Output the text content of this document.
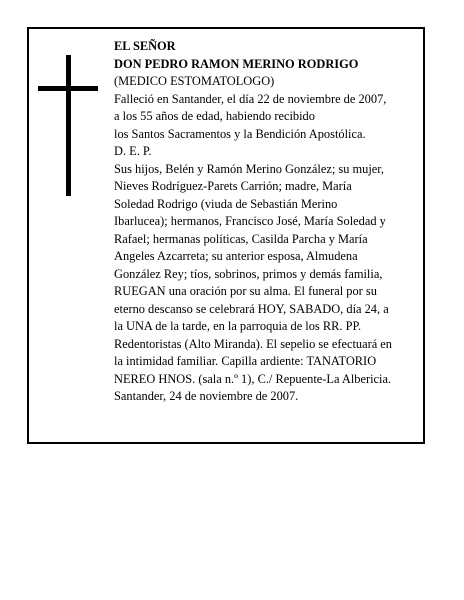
EL SEÑOR
DON PEDRO RAMON MERINO RODRIGO
(MEDICO ESTOMATOLOGO)
Falleció en Santander, el día 22 de noviembre de 2007,
a los 55 años de edad, habiendo recibido
los Santos Sacramentos y la Bendición Apostólica.
D. E. P.
Sus hijos, Belén y Ramón Merino González; su mujer,
Nieves Rodríguez-Parets Carrión; madre, María
Soledad Rodrigo (viuda de Sebastián Merino
Ibarlucea); hermanos, Francisco José, María Soledad y
Rafael; hermanas políticas, Casilda Parcha y María
Angeles Azcarreta; su anterior esposa, Almudena
González Rey; tíos, sobrinos, primos y demás familia,
RUEGAN una oración por su alma. El funeral por su
eterno descanso se celebrará HOY, SABADO, día 24, a
la UNA de la tarde, en la parroquia de los RR. PP.
Redentoristas (Alto Miranda). El sepelio se efectuará en
la intimidad familiar. Capilla ardiente: TANATORIO
NEREO HNOS. (sala n.º 1), C./ Repuente-La Albericia.
Santander, 24 de noviembre de 2007.
